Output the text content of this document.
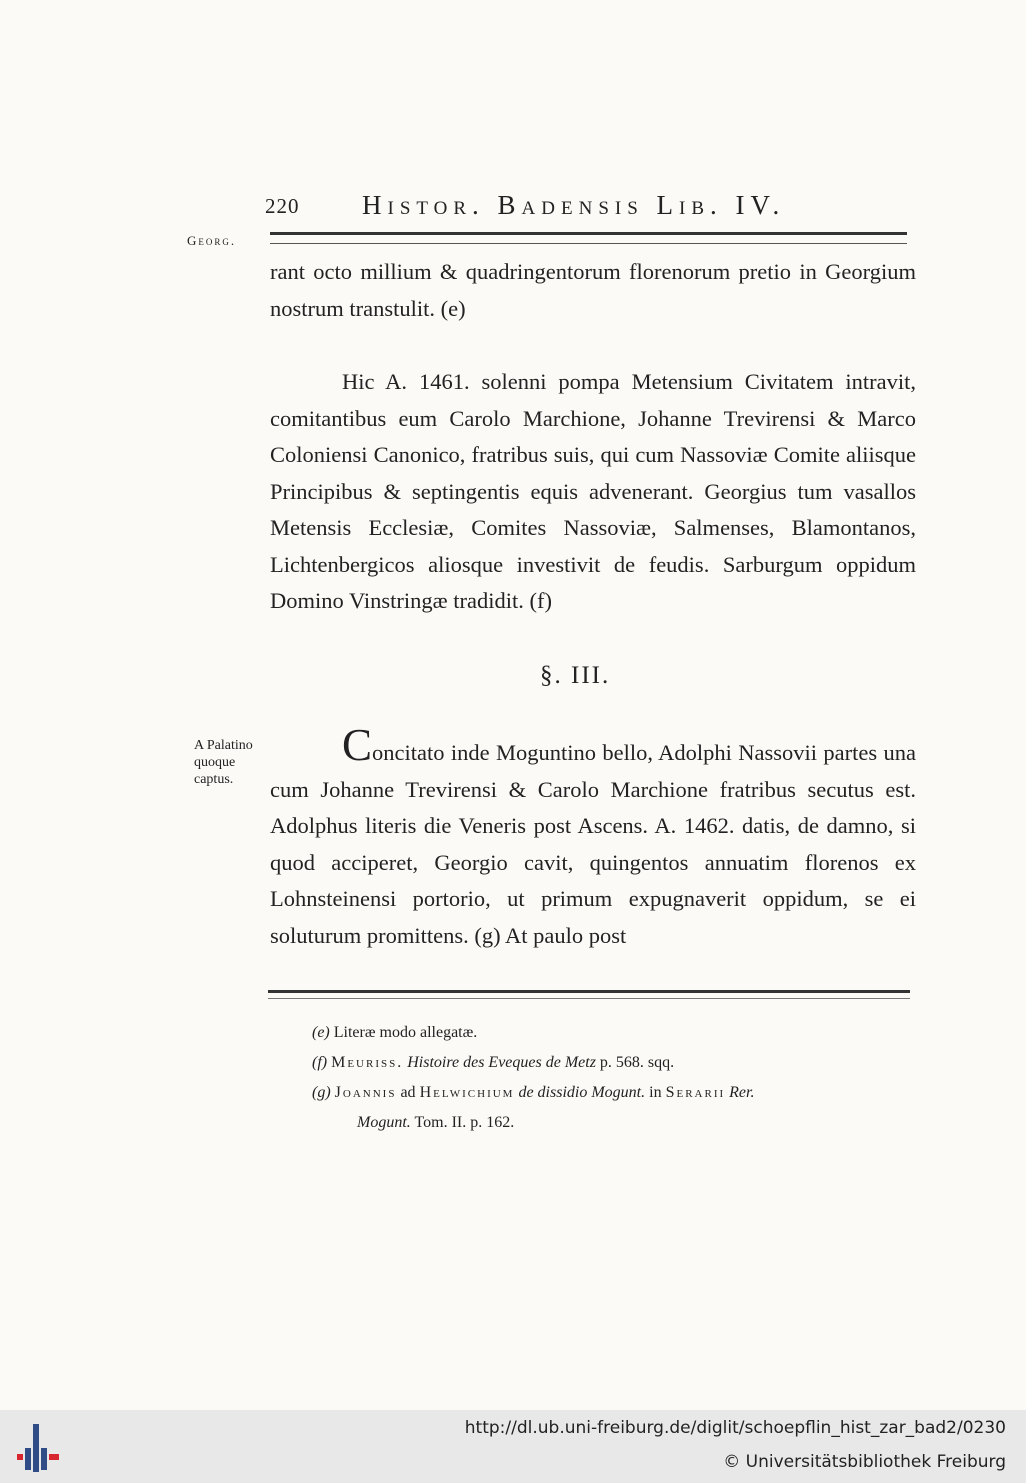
220 Histor. Badensis Lib. IV.
Georg.

rant octo millium & quadringentorum florenorum pretio in Georgium nostrum transtulit. (e)

Hic A. 1461. solenni pompa Metensium Civitatem intravit, comitantibus eum Carolo Marchione, Johanne Trevirensi & Marco Coloniensi Canonico, fratribus suis, qui cum Nassoviæ Comite aliisque Principibus & septingentis equis advenerant. Georgius tum vasallos Metensis Ecclesiæ, Comites Nassoviæ, Salmenses, Blamontanos, Lichtenbergicos aliosque investivit de feudis. Sarburgum oppidum Domino Vinstringæ tradidit. (f)

§. III.
A Palatino quoque captus.

Concitato inde Moguntino bello, Adolphi Nassovii partes una cum Johanne Trevirensi & Carolo Marchione fratribus secutus est. Adolphus literis die Veneris post Ascens. A. 1462. datis, de damno, si quod acciperet, Georgio cavit, quingentos annuatim florenos ex Lohnsteinensi portorio, ut primum expugnaverit oppidum, se ei soluturum promittens. (g) At paulo post

(e) Literæ modo allegatæ.
(f) Meuriss. Histoire des Eveques de Metz p. 568. sqq.
(g) Joannis ad Helwichium de dissidio Mogunt. in Serarii Rer.
Mogunt. Tom. II. p. 162.
http://dl.ub.uni-freiburg.de/diglit/schoepflin_hist_zar_bad2/0230
© Universitätsbibliothek Freiburg
